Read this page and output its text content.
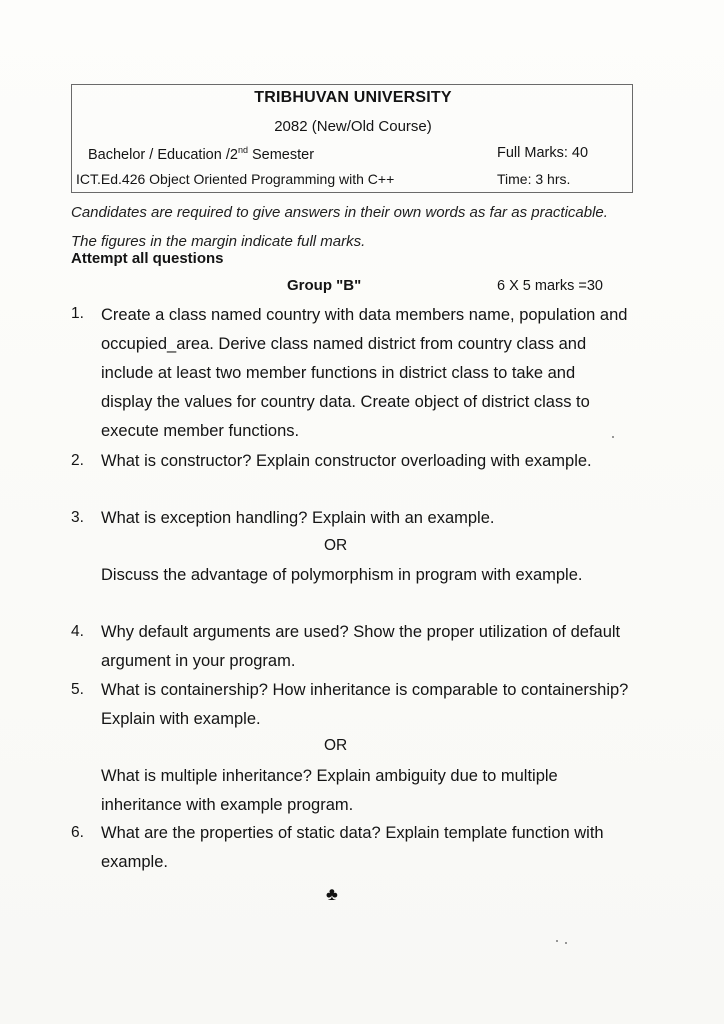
TRIBHUVAN UNIVERSITY
2082 (New/Old Course)
Bachelor / Education /2nd Semester	Full Marks: 40
ICT.Ed.426 Object Oriented Programming with C++	Time: 3 hrs.
Candidates are required to give answers in their own words as far as practicable. The figures in the margin indicate full marks.
Attempt all questions
Group "B"	6 X 5 marks =30
1. Create a class named country with data members name, population and occupied_area. Derive class named district from country class and include at least two member functions in district class to take and display the values for country data. Create object of district class to execute member functions.
2. What is constructor? Explain constructor overloading with example.
3. What is exception handling? Explain with an example.
OR
Discuss the advantage of polymorphism in program with example.
4. Why default arguments are used? Show the proper utilization of default argument in your program.
5. What is containership? How inheritance is comparable to containership? Explain with example.
OR
What is multiple inheritance? Explain ambiguity due to multiple inheritance with example program.
6. What are the properties of static data? Explain template function with example.
♣
